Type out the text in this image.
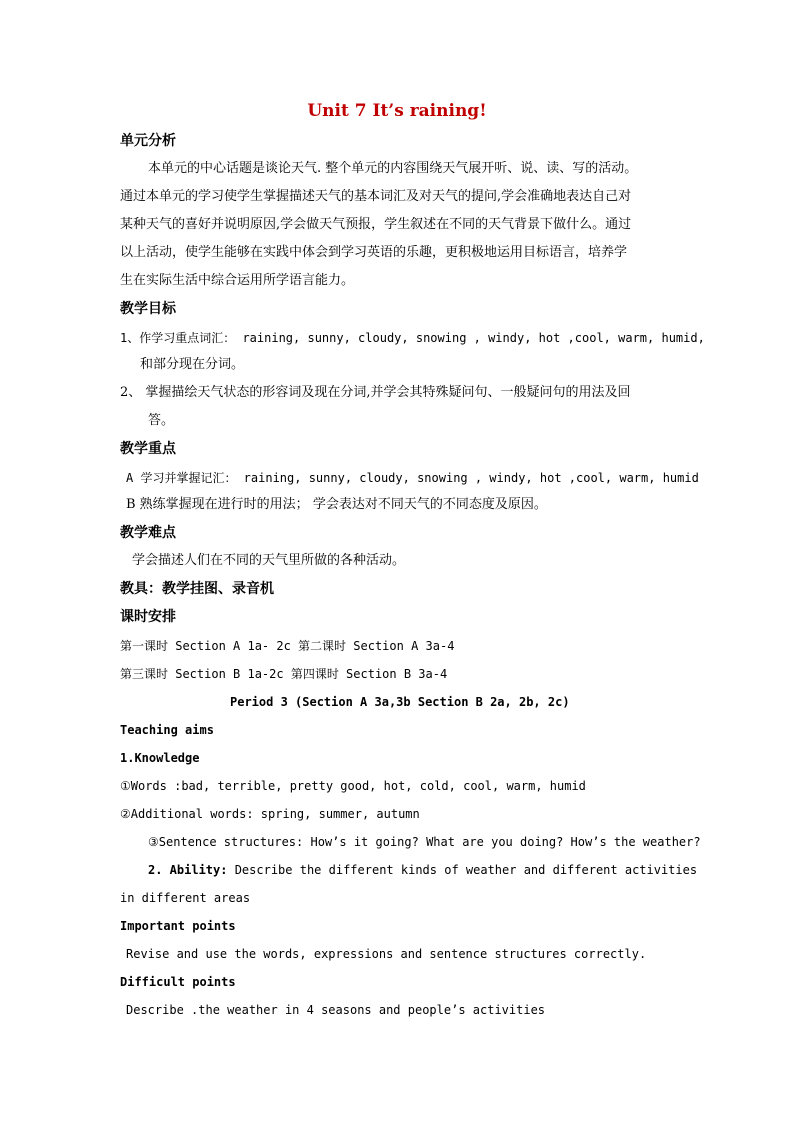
Unit 7 It’s raining!
单元分析
本单元的中心话题是谈论天气. 整个单元的内容围绕天气展开听、说、读、写的活动。
通过本单元的学习使学生掌握描述天气的基本词汇及对天气的提问,学会准确地表达自己对
某种天气的喜好并说明原因,学会做天气预报，学生叙述在不同的天气背景下做什么。通过
以上活动，使学生能够在实践中体会到学习英语的乐趣，更积极地运用目标语言，培养学
生在实际生活中综合运用所学语言能力。
教学目标
1、作学习重点词汇： raining, sunny, cloudy, snowing , windy, hot ,cool, warm, humid,
和部分现在分词。
2、 掌握描绘天气状态的形容词及现在分词,并学会其特殊疑问句、一般疑问句的用法及回
答。
教学重点
A 学习并掌握记汇： raining, sunny, cloudy, snowing , windy, hot ,cool, warm, humid
B 熟练掌握现在进行时的用法； 学会表达对不同天气的不同态度及原因。
教学难点
学会描述人们在不同的天气里所做的各种活动。
教具：教学挂图、录音机
课时安排
第一课时 Section A 1a- 2c 第二课时 Section A 3a-4
第三课时 Section B 1a-2c 第四课时 Section B 3a-4
Period 3 (Section A 3a,3b Section B 2a, 2b, 2c)
Teaching aims
1.Knowledge
①Words :bad, terrible, pretty good, hot, cold, cool, warm, humid
②Additional words: spring, summer, autumn
③Sentence structures: How’s it going? What are you doing? How’s the weather?
2. Ability: Describe the different kinds of weather and different activities
in different areas
Important points
Revise and use the words, expressions and sentence structures correctly.
Difficult points
Describe .the weather in 4 seasons and people’s activities
